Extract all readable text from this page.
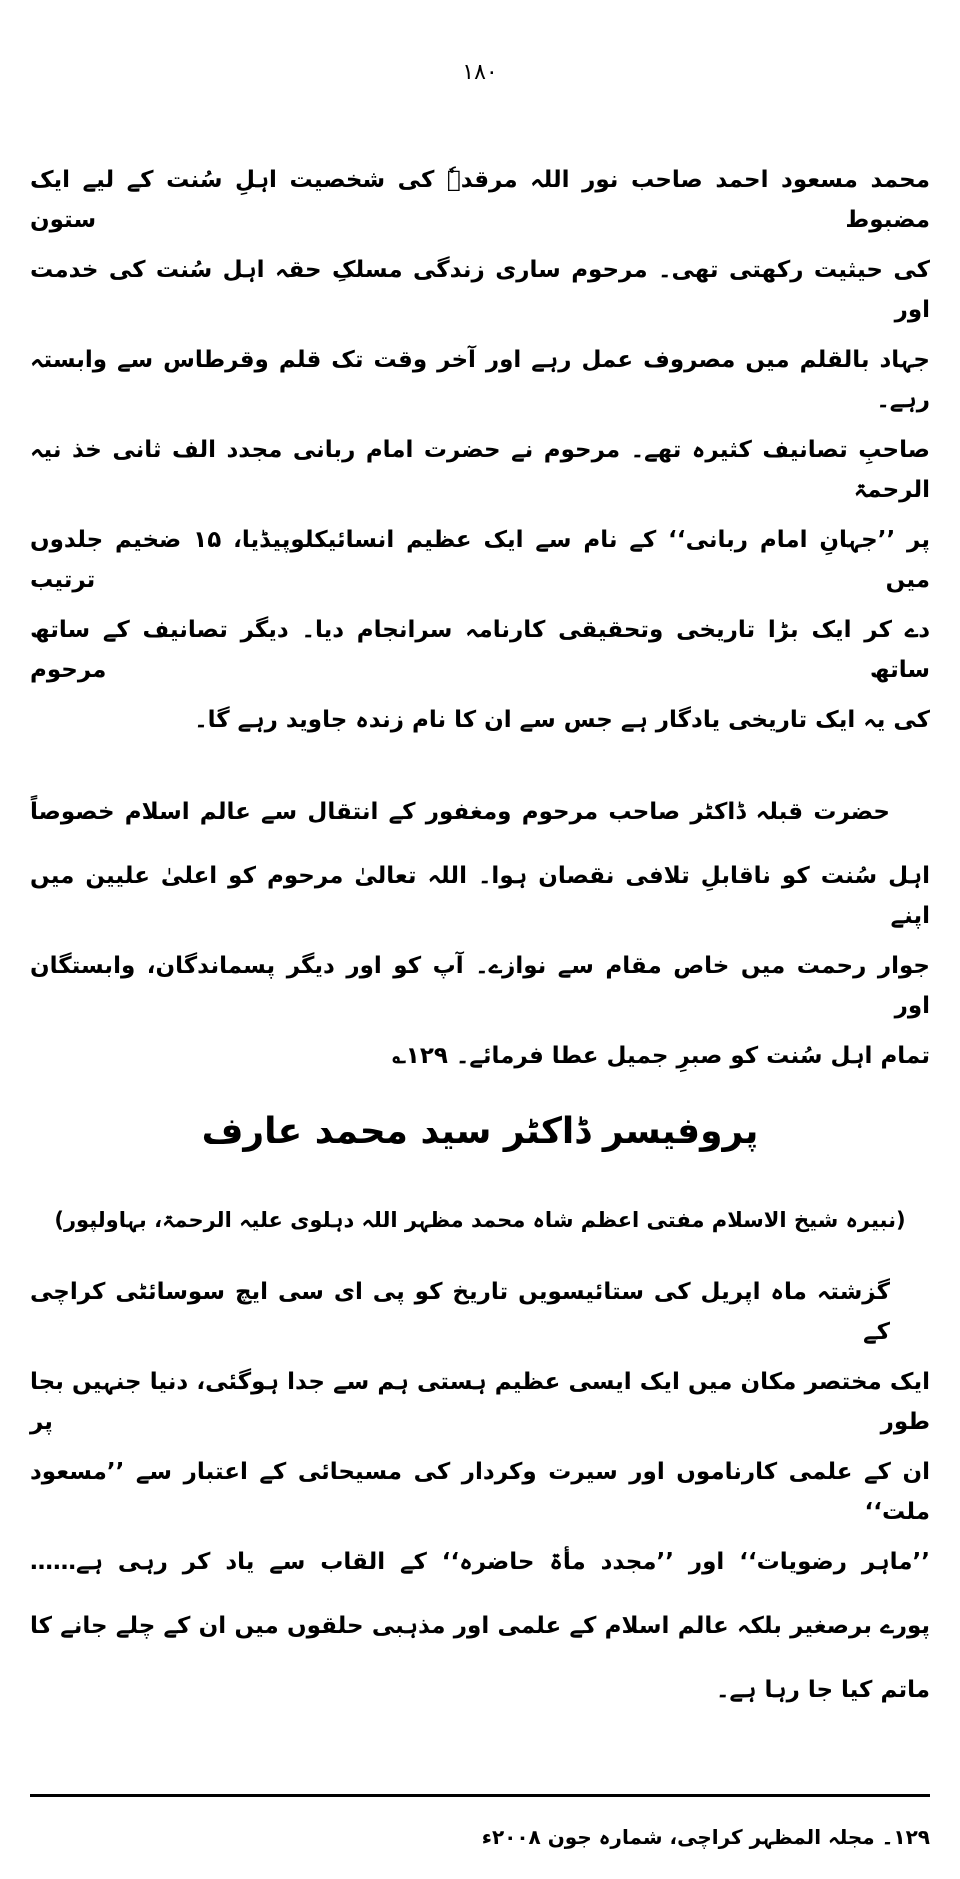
۱۸۰
محمد مسعود احمد صاحب نور اللہ مرقدہٗ کی شخصیت اہلِ سُنت کے لیے ایک مضبوط ستون
کی حیثیت رکھتی تھی۔ مرحوم ساری زندگی مسلکِ حقہ اہل سُنت کی خدمت اور
جہاد بالقلم میں مصروف عمل رہے اور آخر وقت تک قلم وقرطاس سے وابستہ رہے۔
صاحبِ تصانیف کثیرہ تھے۔ مرحوم نے حضرت امام ربانی مجدد الف ثانی خذ نیہ الرحمۃ
پر ’’جہانِ امام ربانی‘‘ کے نام سے ایک عظیم انسائیکلوپیڈیا، ۱۵ ضخیم جلدوں میں ترتیب
دے کر ایک بڑا تاریخی وتحقیقی کارنامہ سرانجام دیا۔ دیگر تصانیف کے ساتھ ساتھ مرحوم
کی یہ ایک تاریخی یادگار ہے جس سے ان کا نام زندہ جاوید رہے گا۔
حضرت قبلہ ڈاکٹر صاحب مرحوم ومغفور کے انتقال سے عالم اسلام خصوصاً
اہل سُنت کو ناقابلِ تلافی نقصان ہوا۔ اللہ تعالیٰ مرحوم کو اعلیٰ علیین میں اپنے
جوار رحمت میں خاص مقام سے نوازے۔ آپ کو اور دیگر پسماندگان، وابستگان اور
تمام اہل سُنت کو صبرِ جمیل عطا فرمائے۔ ۱۲۹؎
پروفیسر ڈاکٹر سید محمد عارف
(نبیرہ شیخ الاسلام مفتی اعظم شاہ محمد مظہر اللہ دہلوی علیہ الرحمۃ، بہاولپور)
گزشتہ ماہ اپریل کی ستائیسویں تاریخ کو پی ای سی ایچ سوسائٹی کراچی کے
ایک مختصر مکان میں ایک ایسی عظیم ہستی ہم سے جدا ہوگئی، دنیا جنہیں بجا طور پر
ان کے علمی کارناموں اور سیرت وکردار کی مسیحائی کے اعتبار سے ’’مسعود ملت‘‘
’’ماہر رضویات‘‘ اور ’’مجدد مأۃ حاضرہ‘‘ کے القاب سے یاد کر رہی ہے……
پورے برصغیر بلکہ عالم اسلام کے علمی اور مذہبی حلقوں میں ان کے چلے جانے کا
ماتم کیا جا رہا ہے۔
۱۲۹۔ مجلہ المظہر کراچی، شمارہ جون ۲۰۰۸ء
